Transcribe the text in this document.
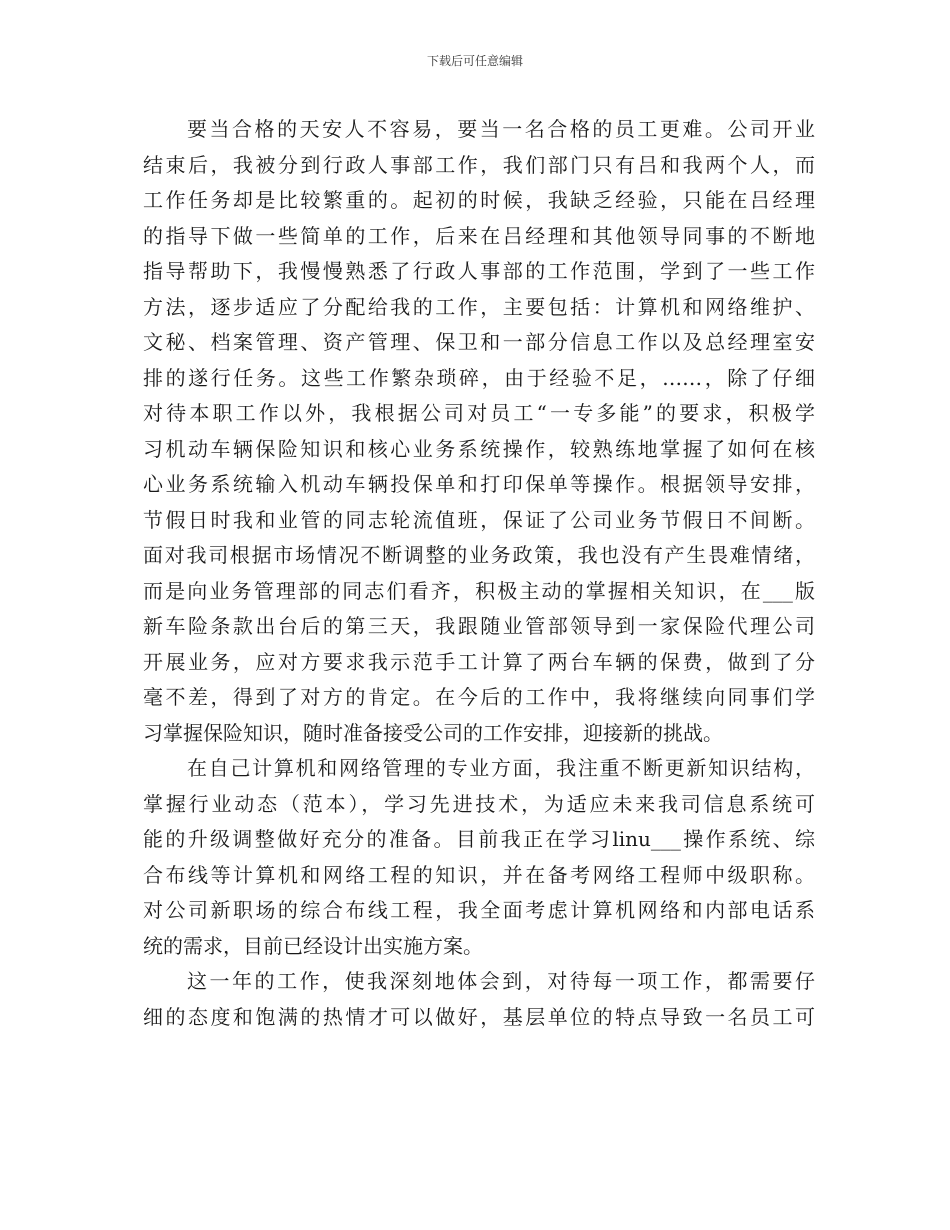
下载后可任意编辑
要当合格的天安人不容易，要当一名合格的员工更难。公司开业
结束后，我被分到行政人事部工作，我们部门只有吕和我两个人，而
工作任务却是比较繁重的。起初的时候，我缺乏经验，只能在吕经理
的指导下做一些简单的工作，后来在吕经理和其他领导同事的不断地
指导帮助下，我慢慢熟悉了行政人事部的工作范围，学到了一些工作
方法，逐步适应了分配给我的工作，主要包括：计算机和网络维护、
文秘、档案管理、资产管理、保卫和一部分信息工作以及总经理室安
排的遂行任务。这些工作繁杂琐碎，由于经验不足，……，除了仔细
对待本职工作以外，我根据公司对员工“一专多能”的要求，积极学
习机动车辆保险知识和核心业务系统操作，较熟练地掌握了如何在核
心业务系统输入机动车辆投保单和打印保单等操作。根据领导安排，
节假日时我和业管的同志轮流值班，保证了公司业务节假日不间断。
面对我司根据市场情况不断调整的业务政策，我也没有产生畏难情绪，
而是向业务管理部的同志们看齐，积极主动的掌握相关知识，在___版
新车险条款出台后的第三天，我跟随业管部领导到一家保险代理公司
开展业务，应对方要求我示范手工计算了两台车辆的保费，做到了分
毫不差，得到了对方的肯定。在今后的工作中，我将继续向同事们学
习掌握保险知识，随时准备接受公司的工作安排，迎接新的挑战。
在自己计算机和网络管理的专业方面，我注重不断更新知识结构，
掌握行业动态（范本），学习先进技术，为适应未来我司信息系统可
能的升级调整做好充分的准备。目前我正在学习linu___操作系统、综
合布线等计算机和网络工程的知识，并在备考网络工程师中级职称。
对公司新职场的综合布线工程，我全面考虑计算机网络和内部电话系
统的需求，目前已经设计出实施方案。
这一年的工作，使我深刻地体会到，对待每一项工作，都需要仔
细的态度和饱满的热情才可以做好，基层单位的特点导致一名员工可
